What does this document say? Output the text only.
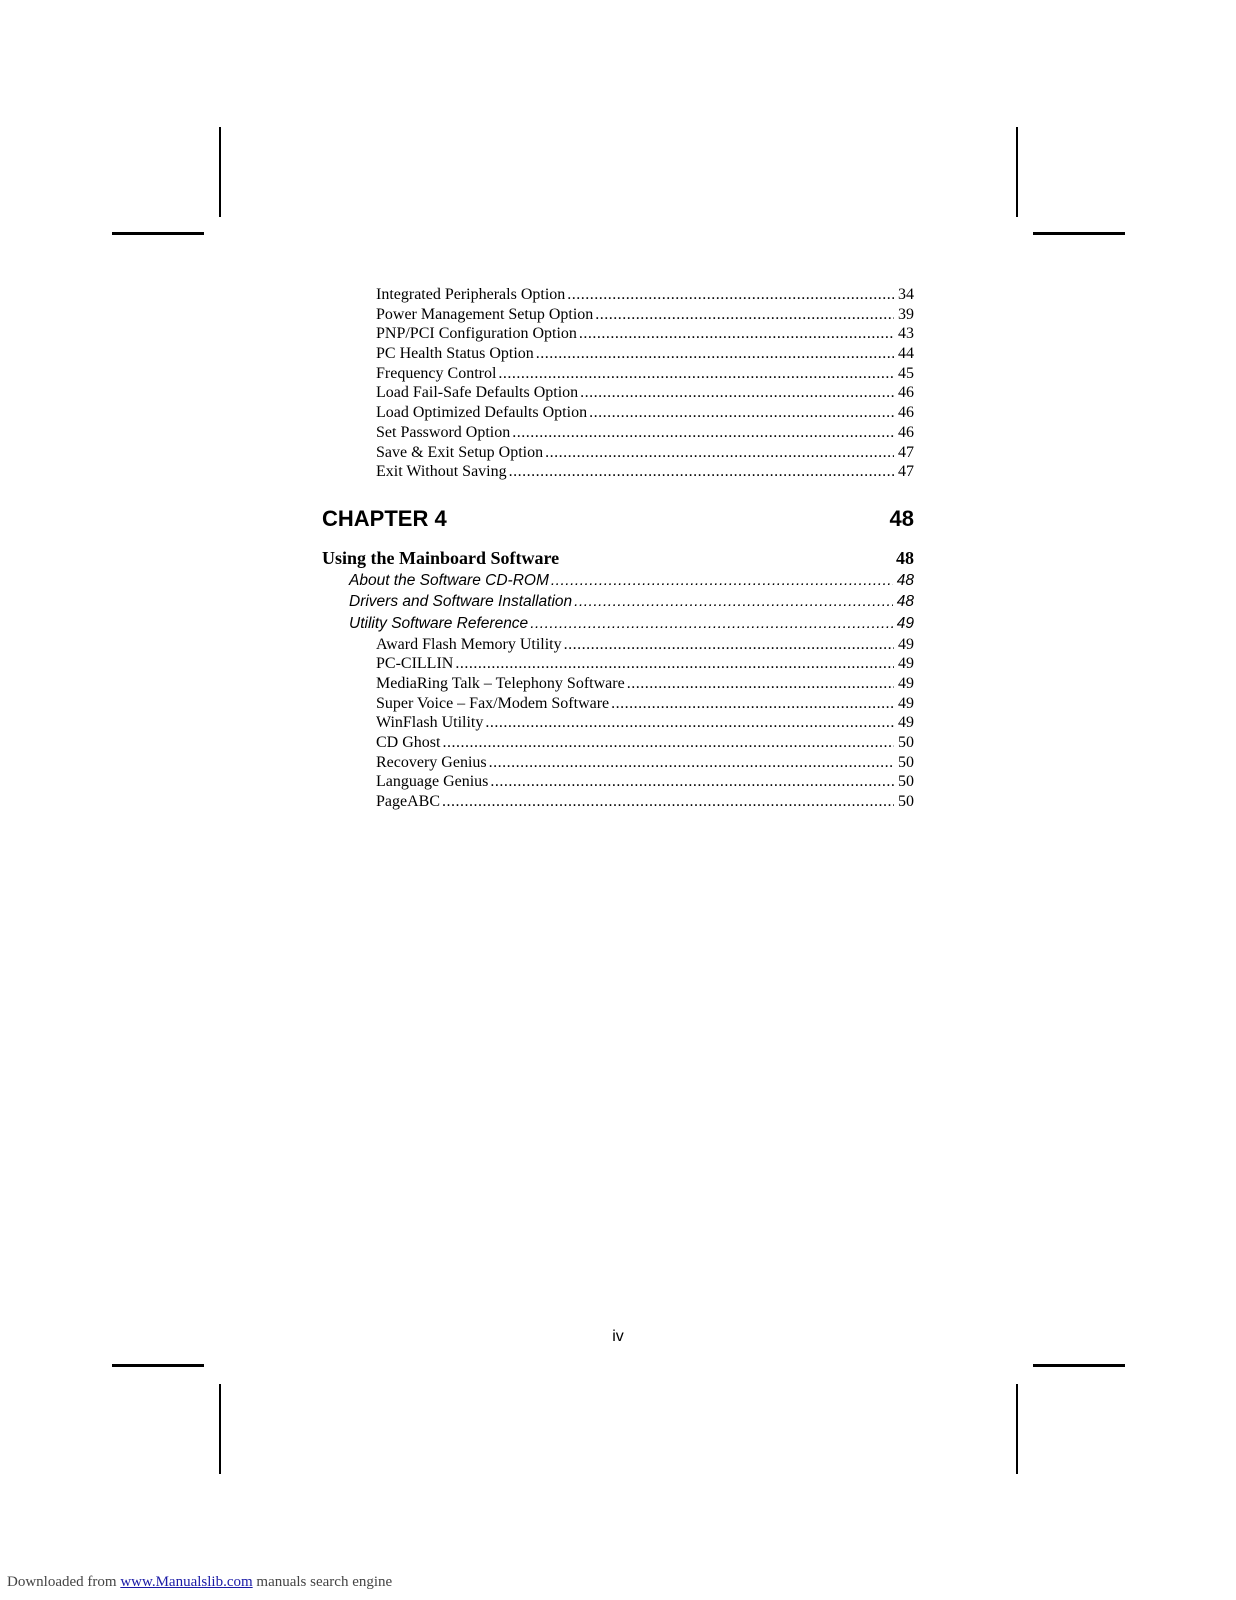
Integrated Peripherals Option .....	34
Power Management Setup Option .....	39
PNP/PCI Configuration Option .....	43
PC Health Status Option .....	44
Frequency Control .....	45
Load Fail-Safe Defaults Option .....	46
Load Optimized Defaults Option .....	46
Set Password Option .....	46
Save & Exit Setup Option .....	47
Exit Without Saving .....	47
CHAPTER 4	48
Using the Mainboard Software	48
About the Software CD-ROM .....	48
Drivers and Software Installation .....	48
Utility Software Reference .....	49
Award Flash Memory Utility .....	49
PC-CILLIN .....	49
MediaRing Talk – Telephony Software .....	49
Super Voice – Fax/Modem Software .....	49
WinFlash Utility .....	49
CD Ghost .....	50
Recovery Genius .....	50
Language Genius .....	50
PageABC .....	50
iv
Downloaded from www.Manualslib.com manuals search engine
